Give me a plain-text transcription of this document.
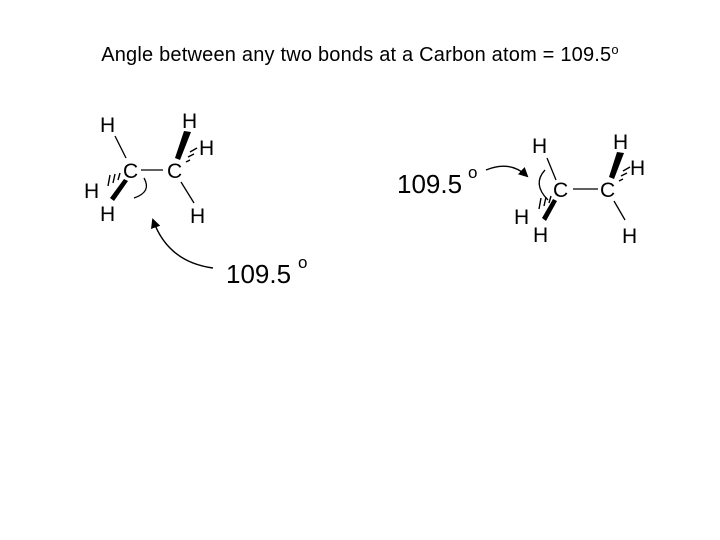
Angle between any two bonds at a Carbon atom = $109.5^o$
C C
H
H
H
H
H
H
109.5 o
109.5 o
C C
H
H
H
H
H
H
